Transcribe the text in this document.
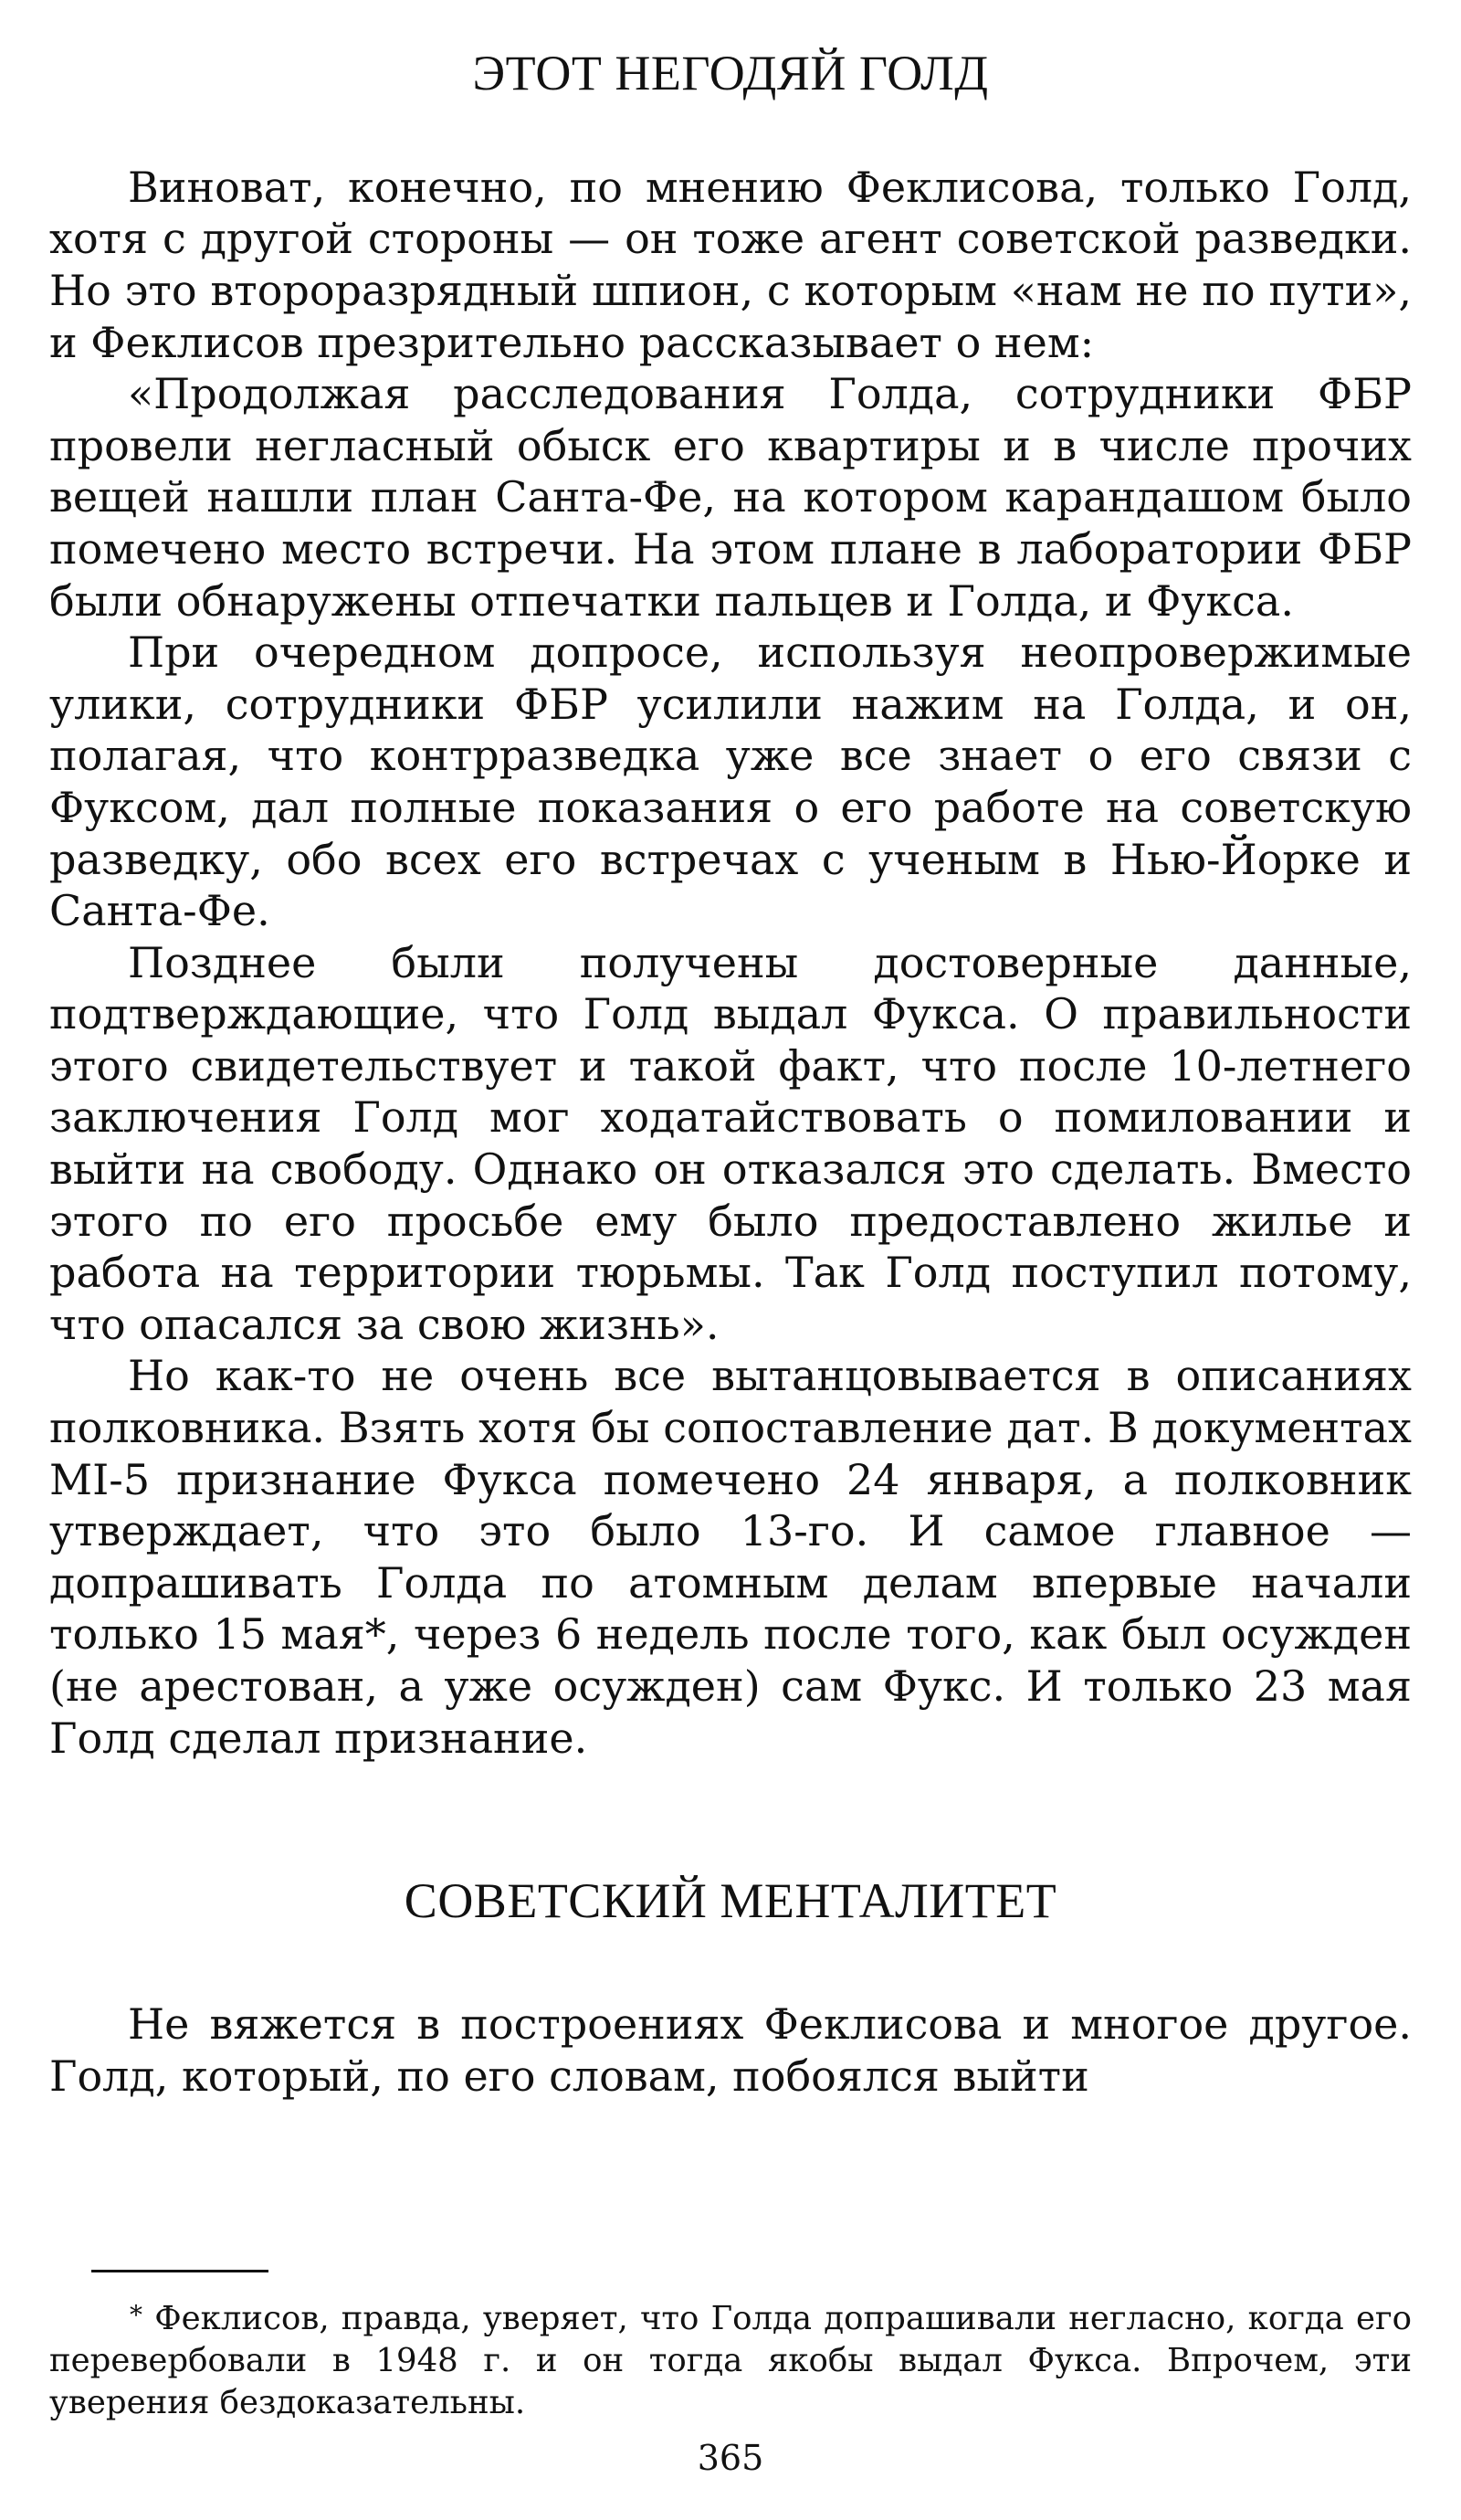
ЭТОТ НЕГОДЯЙ ГОЛД

Виноват, конечно, по мнению Феклисова, только Голд, хотя с другой стороны — он тоже агент советской разведки. Но это второразрядный шпион, с которым «нам не по пути», и Феклисов презрительно рассказывает о нем:

«Продолжая расследования Голда, сотрудники ФБР провели негласный обыск его квартиры и в числе прочих вещей нашли план Санта-Фе, на котором карандашом было помечено место встречи. На этом плане в лаборатории ФБР были обнаружены отпечатки пальцев и Голда, и Фукса.

При очередном допросе, используя неопровержимые улики, сотрудники ФБР усилили нажим на Голда, и он, полагая, что контрразведка уже все знает о его связи с Фуксом, дал полные показания о его работе на советскую разведку, обо всех его встречах с ученым в Нью-Йорке и Санта-Фе.

Позднее были получены достоверные данные, подтверждающие, что Голд выдал Фукса. О правильности этого свидетельствует и такой факт, что после 10-летнего заключения Голд мог ходатайствовать о помиловании и выйти на свободу. Однако он отказался это сделать. Вместо этого по его просьбе ему было предоставлено жилье и работа на территории тюрьмы. Так Голд поступил потому, что опасался за свою жизнь».

Но как-то не очень все вытанцовывается в описаниях полковника. Взять хотя бы сопоставление дат. В документах MI-5 признание Фукса помечено 24 января, а полковник утверждает, что это было 13-го. И самое главное — допрашивать Голда по атомным делам впервые начали только 15 мая*, через 6 недель после того, как был осужден (не арестован, а уже осужден) сам Фукс. И только 23 мая Голд сделал признание.

СОВЕТСКИЙ МЕНТАЛИТЕТ

Не вяжется в построениях Феклисова и многое другое. Голд, который, по его словам, побоялся выйти

* Феклисов, правда, уверяет, что Голда допрашивали негласно, когда его перевербовали в 1948 г. и он тогда якобы выдал Фукса. Впрочем, эти уверения бездоказательны.

365
